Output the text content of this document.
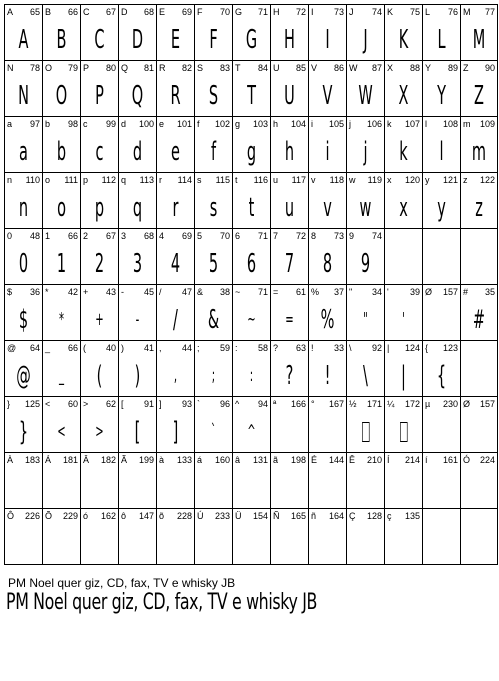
A 65
A
B 66
B
C 67
C
D 68
D
E 69
E
F 70
F
G 71
G
H 72
H
I 73
I
J 74
J
K 75
K
L 76
L
M 77
M
N 78
N
O 79
O
P 80
P
Q 81
Q
R 82
R
S 83
S
T 84
T
U 85
U
V 86
V
W 87
W
X 88
X
Y 89
Y
Z 90
Z
a 97
a
b 98
b
c 99
c
d 100
d
e 101
e
f 102
f
g 103
g
h 104
h
i 105
i
j 106
j
k 107
k
l 108
l
m 109
m
n 110
n
o 111
o
p 112
p
q 113
q
r 114
r
s 115
s
t 116
t
u 117
u
v 118
v
w 119
w
x 120
x
y 121
y
z 122
z
0 48
0
1 66
1
2 67
2
3 68
3
4 69
4
5 70
5
6 71
6
7 72
7
8 73
8
9 74
9
$ 36
$
* 42
*
+ 43
+
- 45
-
/ 47
/
& 38
&
~ 71
~
= 61
=
% 37
%
" 34
"
' 39
'
Ø 157 # 35
#
@ 64
@
_ 66
_
( 40
(
) 41
)
, 44
,
; 59
;
: 58
:
? 63
?
! 33
!
\ 92
\
| 124
|
{ 123
{
} 125
}
< 60
<
> 62
>
[ 91
[
] 93
]
` 96
`
^ 94
^
ª 166 ° 167 ½ 171 ¼ 172 µ 230 Ø 157
À 183 Á 181 Â 182 Ã 199 à 133 á 160 â 131 ã 198 É 144 Ê 210 Í 214 í 161 Ó 224
Ô 226 Õ 229 ó 162 ô 147 õ 228 Ú 233 Ü 154 Ñ 165 ñ 164 Ç 128 ç 135
PM Noel quer giz, CD, fax, TV e whisky JB
PM Noel quer giz, CD, fax, TV e whisky JB
